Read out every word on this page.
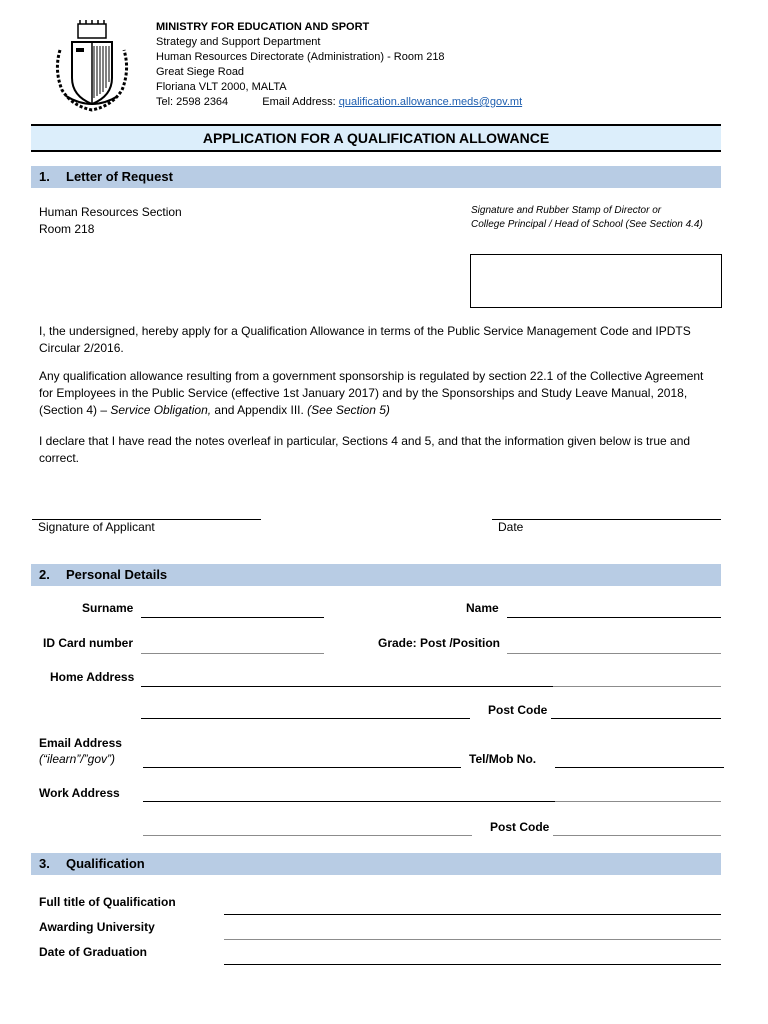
MINISTRY FOR EDUCATION AND SPORT
Strategy and Support Department
Human Resources Directorate (Administration) - Room 218
Great Siege Road
Floriana VLT 2000, MALTA
Tel: 2598 2364	Email Address: qualification.allowance.meds@gov.mt
APPLICATION FOR A QUALIFICATION ALLOWANCE
1. Letter of Request
Human Resources Section
Room 218
Signature and Rubber Stamp of Director or
College Principal / Head of School (See Section 4.4)
I, the undersigned, hereby apply for a Qualification Allowance in terms of the Public Service Management Code and IPDTS Circular 2/2016.
Any qualification allowance resulting from a government sponsorship is regulated by section 22.1 of the Collective Agreement for Employees in the Public Service (effective 1st January 2017) and by the Sponsorships and Study Leave Manual, 2018, (Section 4) – Service Obligation, and Appendix III. (See Section 5)
I declare that I have read the notes overleaf in particular, Sections 4 and 5, and that the information given below is true and correct.
Signature of Applicant	Date
2. Personal Details
Surname	Name
ID Card number	Grade: Post /Position
Home Address
Post Code
Email Address
(“ilearn”/”gov”)	Tel/Mob No.
Work Address
Post Code
3. Qualification
Full title of Qualification
Awarding University
Date of Graduation
